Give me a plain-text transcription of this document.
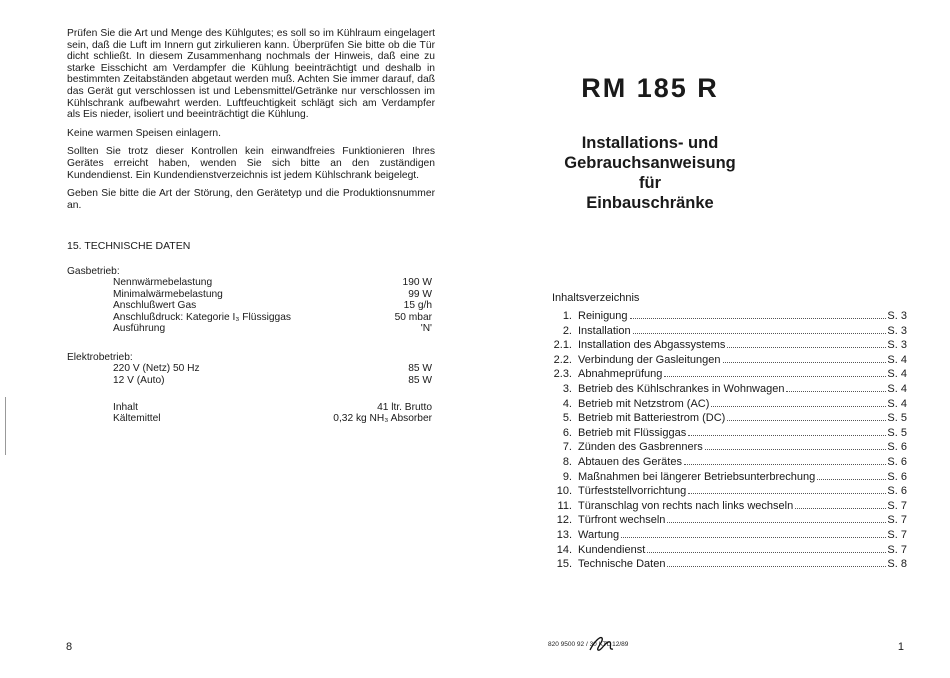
Prüfen Sie die Art und Menge des Kühlgutes; es soll so im Kühlraum eingelagert sein, daß die Luft im Innern gut zirkulieren kann. Überprüfen Sie bitte ob die Tür dicht schließt. In diesem Zusammenhang nochmals der Hinweis, daß eine zu starke Eisschicht am Verdampfer die Kühlung beeinträchtigt und deshalb in bestimmten Zeitabständen abgetaut werden muß. Achten Sie immer darauf, daß das Gerät gut verschlossen ist und Lebensmittel/Getränke nur verschlossen im Kühlschrank aufbewahrt werden. Luftfeuchtigkeit schlägt sich am Verdampfer als Eis nieder, isoliert und beeinträchtigt die Kühlung.

Keine warmen Speisen einlagern.

Sollten Sie trotz dieser Kontrollen kein einwandfreies Funktionieren Ihres Gerätes erreicht haben, wenden Sie sich bitte an den zuständigen Kundendienst. Ein Kundendienstverzeichnis ist jedem Kühlschrank beigelegt.

Geben Sie bitte die Art der Störung, den Gerätetyp und die Produktionsnummer an.

15. TECHNISCHE DATEN
Gasbetrieb:
Nennwärmebelastung	190 W
Minimalwärmebelastung	99 W
Anschlußwert Gas	15 g/h
Anschlußdruck: Kategorie I₃ Flüssiggas	50 mbar
Ausführung	'N'
Elektrobetrieb:
220 V (Netz) 50 Hz	85 W
12 V (Auto)	85 W
Inhalt	41 ltr. Brutto
Kältemittel	0,32 kg NH₃ Absorber
8
RM 185 R
Installations- und
Gebrauchsanweisung
für
Einbauschränke
Inhaltsverzeichnis
1. Reinigung	S. 3
2. Installation	S. 3
2.1. Installation des Abgassystems	S. 3
2.2. Verbindung der Gasleitungen	S. 4
2.3. Abnahmeprüfung	S. 4
3. Betrieb des Kühlschrankes in Wohnwagen	S. 4
4. Betrieb mit Netzstrom (AC)	S. 4
5. Betrieb mit Batteriestrom (DC)	S. 5
6. Betrieb mit Flüssiggas	S. 5
7. Zünden des Gasbrenners	S. 6
8. Abtauen des Gerätes	S. 6
9. Maßnahmen bei längerer Betriebsunterbrechung	S. 6
10. Türfeststellvorrichtung	S. 6
11. Türanschlag von rechts nach links wechseln	S. 7
12. Türfront wechseln	S. 7
13. Wartung	S. 7
14. Kundendienst	S. 7
15. Technische Daten	S. 8
820 9500 92 / 30 KTL 12/89	1
